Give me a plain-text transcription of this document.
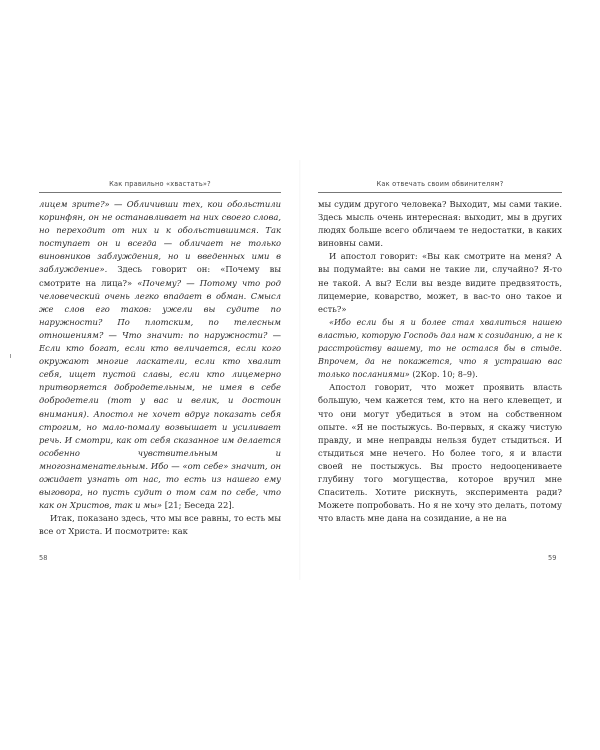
Как правильно «хвастать»?

лицем зрите?» — Обличивши тех, кои обольстили коринфян, он не останавливает на них своего слова, но переходит от них и к обольстившимся. Так поступает он и всегда — обличает не только виновников заблуждения, но и введенных ими в заблуждение». Здесь говорит он: «Почему вы смотрите на лица?» «Почему? — Потому что род человеческий очень легко впадает в обман. Смысл же слов его таков: ужели вы судите по наружности? По плотским, по телесным отношениям? — Что значит: по наружности? — Если кто богат, если кто величается, если кого окружают многие ласкатели, если кто хвалит себя, ищет пустой славы, если кто лицемерно притворяется добродетельным, не имея в себе добродетели (тот у вас и велик, и достоин внимания). Апостол не хочет вдруг показать себя строгим, но мало-помалу возвышает и усиливает речь. И смотри, как от себя сказанное им делается особенно чувствительным и многознаменательным. Ибо — «от себе» значит, он ожидает узнать от нас, то есть из нашего ему выговора, но пусть судит о том сам по себе, что как он Христов, так и мы» [21; Беседа 22].

Итак, показано здесь, что мы все равны, то есть мы все от Христа. И посмотрите: как

58
Как отвечать своим обвинителям?

мы судим другого человека? Выходит, мы сами такие. Здесь мысль очень интересная: выходит, мы в других людях больше всего обличаем те недостатки, в каких виновны сами.

И апостол говорит: «Вы как смотрите на меня? А вы подумайте: вы сами не такие ли, случайно? Я-то не такой. А вы? Если вы везде видите предвзятость, лицемерие, коварство, может, в вас-то оно такое и есть?»

«Ибо если бы я и более стал хвалиться нашею властью, которую Господь дал нам к созиданию, а не к расстройству вашему, то не остался бы в стыде. Впрочем, да не покажется, что я устрашаю вас только посланиями» (2Кор. 10; 8–9).

Апостол говорит, что может проявить власть большую, чем кажется тем, кто на него клевещет, и что они могут убедиться в этом на собственном опыте. «Я не постыжусь. Во-первых, я скажу чистую правду, и мне неправды нельзя будет стыдиться. И стыдиться мне нечего. Но более того, я и власти своей не постыжусь. Вы просто недооцениваете глубину того могущества, которое вручил мне Спаситель. Хотите рискнуть, эксперимента ради? Можете попробовать. Но я не хочу это делать, потому что власть мне дана на созидание, а не на

59
